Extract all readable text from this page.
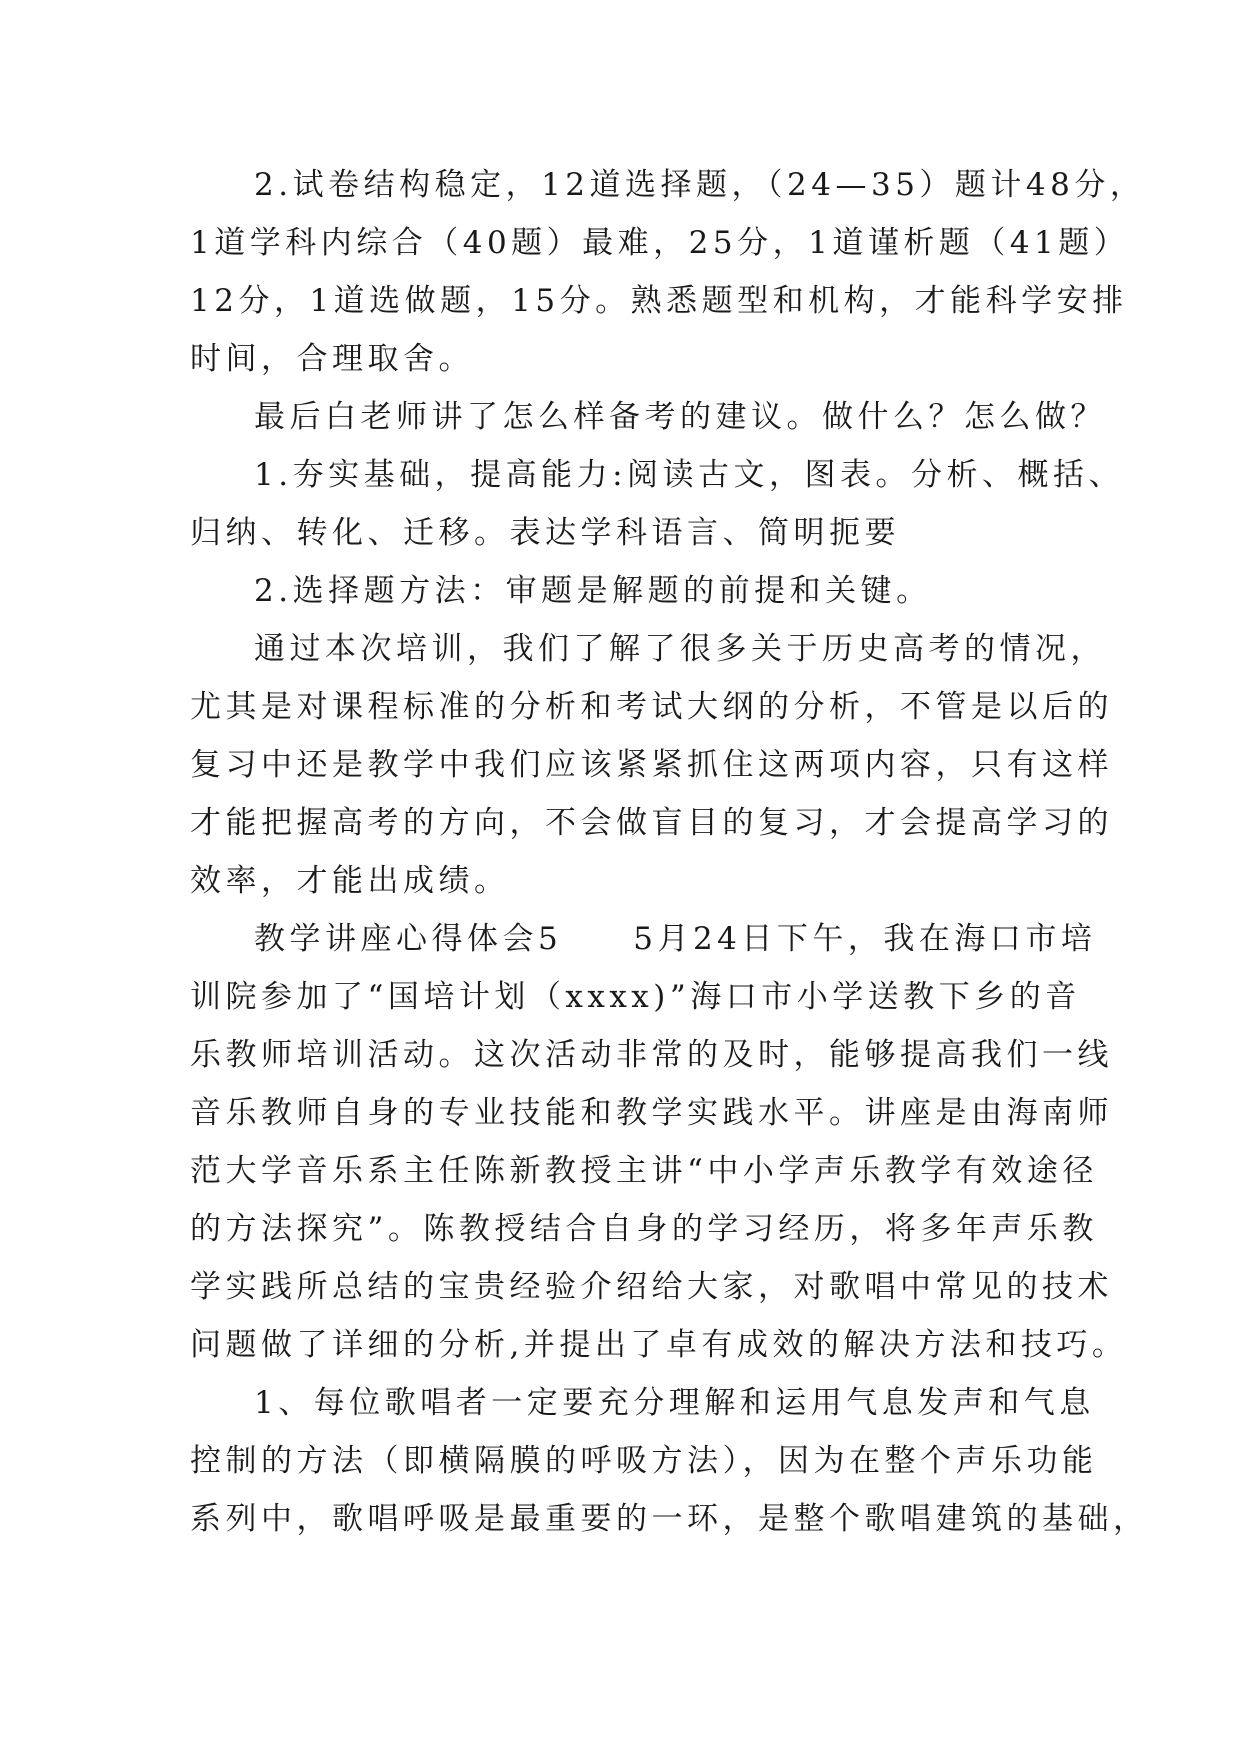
2.试卷结构稳定，12道选择题，（24—35）题计48分，
1道学科内综合（40题）最难，25分，1道谨析题（41题）
12分，1道选做题，15分。熟悉题型和机构，才能科学安排
时间，合理取舍。
最后白老师讲了怎么样备考的建议。做什么？怎么做？
1.夯实基础，提高能力:阅读古文，图表。分析、概括、
归纳、转化、迁移。表达学科语言、简明扼要
2.选择题方法：审题是解题的前提和关键。
通过本次培训，我们了解了很多关于历史高考的情况，
尤其是对课程标准的分析和考试大纲的分析，不管是以后的
复习中还是教学中我们应该紧紧抓住这两项内容，只有这样
才能把握高考的方向，不会做盲目的复习，才会提高学习的
效率，才能出成绩。
教学讲座心得体会5　　5月24日下午，我在海口市培
训院参加了“国培计划（xxxx)”海口市小学送教下乡的音
乐教师培训活动。这次活动非常的及时，能够提高我们一线
音乐教师自身的专业技能和教学实践水平。讲座是由海南师
范大学音乐系主任陈新教授主讲“中小学声乐教学有效途径
的方法探究”。陈教授结合自身的学习经历，将多年声乐教
学实践所总结的宝贵经验介绍给大家，对歌唱中常见的技术
问题做了详细的分析,并提出了卓有成效的解决方法和技巧。
1、每位歌唱者一定要充分理解和运用气息发声和气息
控制的方法（即横隔膜的呼吸方法），因为在整个声乐功能
系列中，歌唱呼吸是最重要的一环，是整个歌唱建筑的基础，
